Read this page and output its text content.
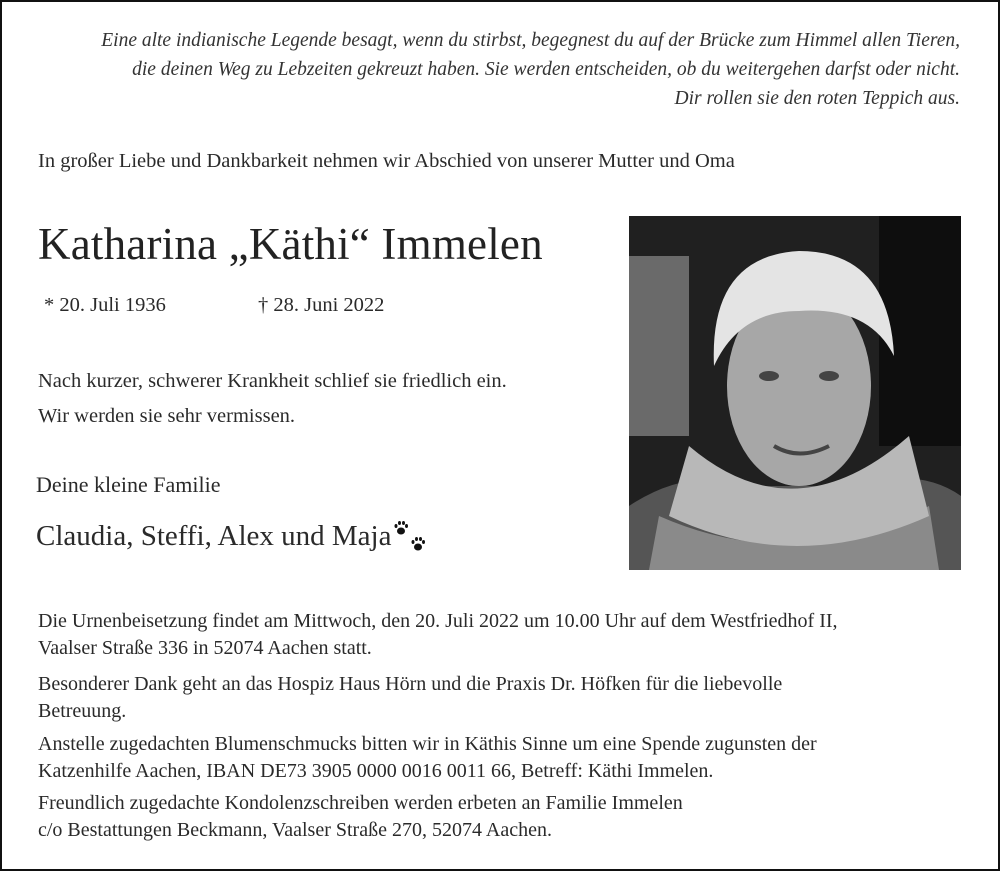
Eine alte indianische Legende besagt, wenn du stirbst, begegnest du auf der Brücke zum Himmel allen Tieren,
die deinen Weg zu Lebzeiten gekreuzt haben. Sie werden entscheiden, ob du weitergehen darfst oder nicht.
Dir rollen sie den roten Teppich aus.
In großer Liebe und Dankbarkeit nehmen wir Abschied von unserer Mutter und Oma
Katharina „Käthi“ Immelen
* 20. Juli 1936	† 28. Juni 2022
Nach kurzer, schwerer Krankheit schlief sie friedlich ein.
Wir werden sie sehr vermissen.
Deine kleine Familie
Claudia, Steffi, Alex und Maja
Die Urnenbeisetzung findet am Mittwoch, den 20. Juli 2022 um 10.00 Uhr auf dem Westfriedhof II,
Vaalser Straße 336 in 52074 Aachen statt.
Besonderer Dank geht an das Hospiz Haus Hörn und die Praxis Dr. Höfken für die liebevolle
Betreuung.
Anstelle zugedachten Blumenschmucks bitten wir in Käthis Sinne um eine Spende zugunsten der
Katzenhilfe Aachen, IBAN DE73 3905 0000 0016 0011 66, Betreff: Käthi Immelen.
Freundlich zugedachte Kondolenzschreiben werden erbeten an Familie Immelen
c/o Bestattungen Beckmann, Vaalser Straße 270, 52074 Aachen.
